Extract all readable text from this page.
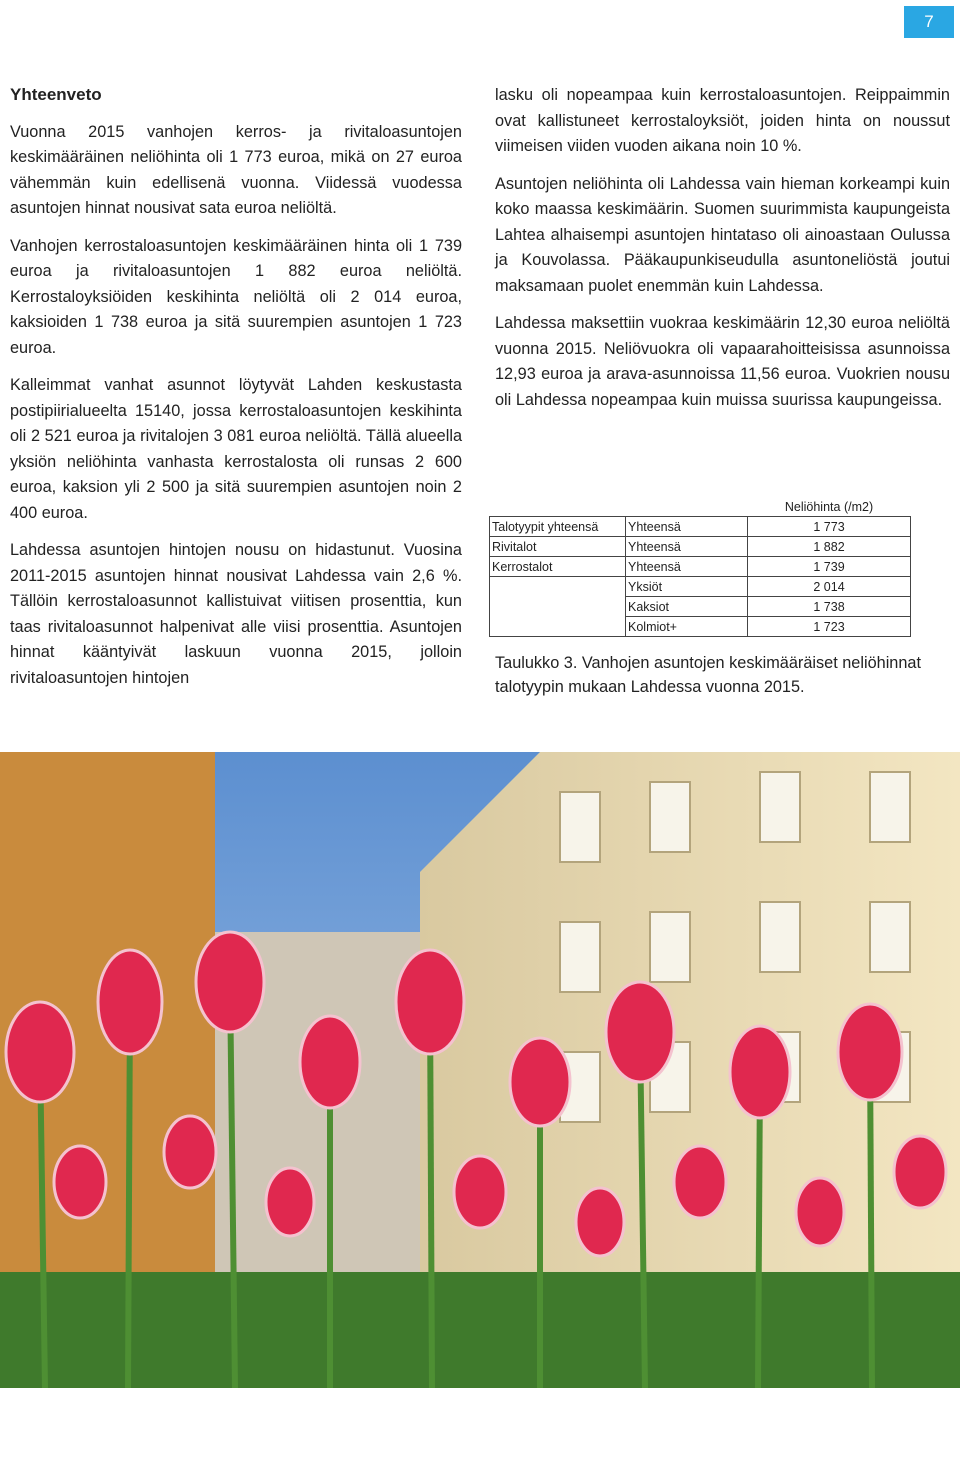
7

Yhteenveto

Vuonna 2015 vanhojen kerros- ja rivitaloasuntojen keskimääräinen neliöhinta oli 1 773 euroa, mikä on 27 euroa vähemmän kuin edellisenä vuonna. Viidessä vuodessa asuntojen hinnat nousivat sata euroa neliöltä.

Vanhojen kerrostaloasuntojen keskimääräinen hinta oli 1 739 euroa ja rivitaloasuntojen 1 882 euroa neliöltä. Kerrostaloyksiöiden keskihinta neliöltä oli 2 014 euroa, kaksioiden 1 738 euroa ja sitä suurempien asuntojen 1 723 euroa.

Kalleimmat vanhat asunnot löytyvät Lahden keskustasta postipiirialueelta 15140, jossa kerrostaloasuntojen keskihinta oli 2 521 euroa ja rivitalojen 3 081 euroa neliöltä. Tällä alueella yksiön neliöhinta vanhasta kerrostalosta oli runsas 2 600 euroa, kaksion yli 2 500 ja sitä suurempien asuntojen noin 2 400 euroa.

Lahdessa asuntojen hintojen nousu on hidastunut. Vuosina 2011-2015 asuntojen hinnat nousivat Lahdessa vain 2,6 %. Tällöin kerrostaloasunnot kallistuivat viitisen prosenttia, kun taas rivitaloasunnot halpenivat alle viisi prosenttia. Asuntojen hinnat kääntyivät laskuun vuonna 2015, jolloin rivitaloasuntojen hintojen

lasku oli nopeampaa kuin kerrostaloasuntojen. Reippaimmin ovat kallistuneet kerrostaloyksiöt, joiden hinta on noussut viimeisen viiden vuoden aikana noin 10 %.

Asuntojen neliöhinta oli Lahdessa vain hieman korkeampi kuin koko maassa keskimäärin. Suomen suurimmista kaupungeista Lahtea alhaisempi asuntojen hintataso oli ainoastaan Oulussa ja Kouvolassa. Pääkaupunkiseudulla asuntoneliöstä joutui maksamaan puolet enemmän kuin Lahdessa.

Lahdessa maksettiin vuokraa keskimäärin 12,30 euroa neliöltä vuonna 2015. Neliövuokra oli vapaarahoitteisissa asunnoissa 12,93 euroa ja arava-asunnoissa 11,56 euroa. Vuokrien nousu oli Lahdessa nopeampaa kuin muissa suurissa kaupungeissa.

		Neliöhinta (/m2)
Talotyypit yhteensä	Yhteensä	1 773
Rivitalot	Yhteensä	1 882
Kerrostalot	Yhteensä	1 739
	Yksiöt	2 014
	Kaksiot	1 738
	Kolmiot+	1 723
Taulukko 3. Vanhojen asuntojen keskimääräiset neliöhinnat talotyypin mukaan Lahdessa vuonna 2015.
